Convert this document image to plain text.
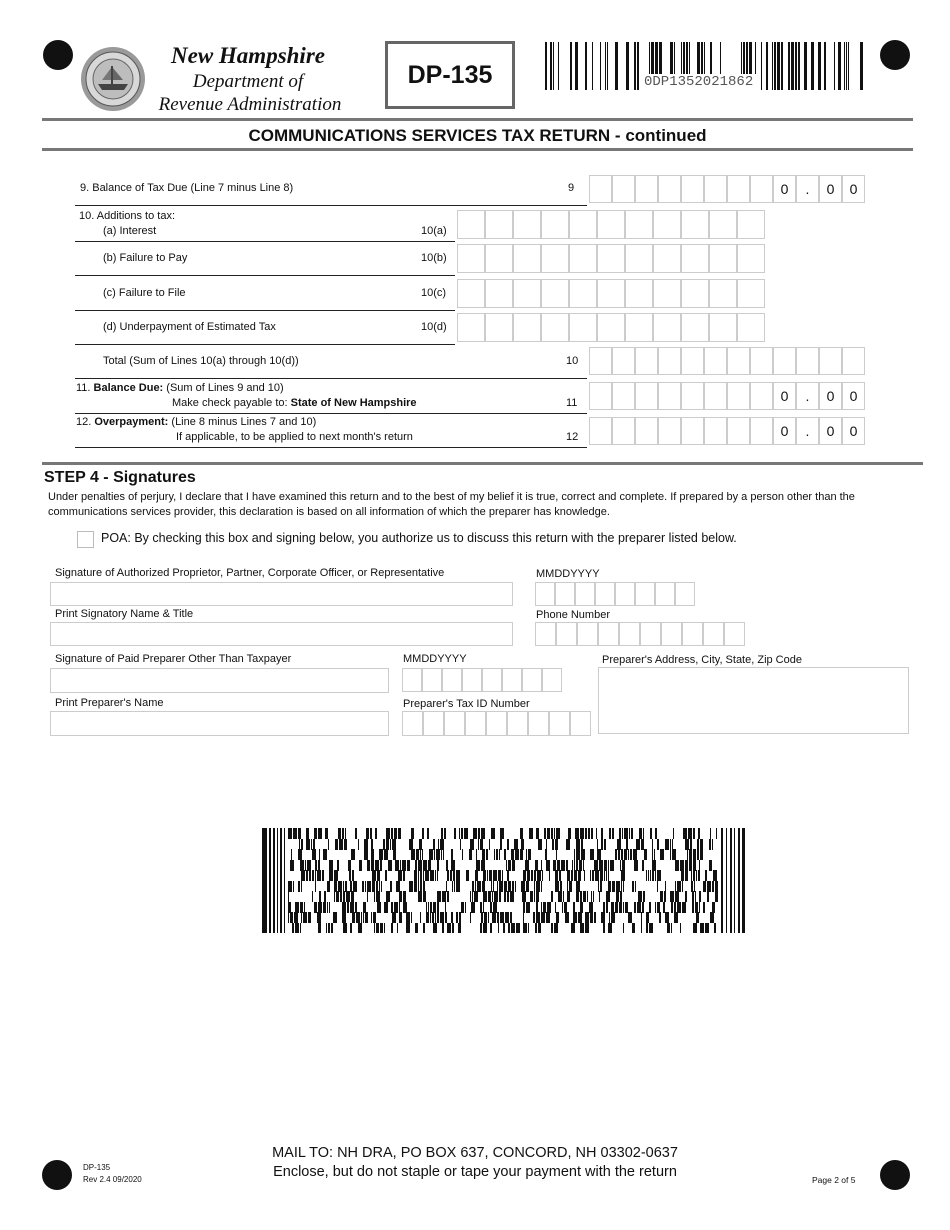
New Hampshire
Department of
Revenue Administration
DP-135	0DP1352021862
COMMUNICATIONS SERVICES TAX RETURN - continued
9. Balance of Tax Due (Line 7 minus Line 8)	9	0	.	0	0
10. Additions to tax:
(a) Interest	10(a)
(b) Failure to Pay	10(b)
(c) Failure to File	10(c)
(d) Underpayment of Estimated Tax	10(d)
Total (Sum of Lines 10(a) through 10(d))	10
11. Balance Due: (Sum of Lines 9 and 10)
Make check payable to: State of New Hampshire	11	0	.	0	0
12. Overpayment: (Line 8 minus Lines 7 and 10)
If applicable, to be applied to next month's return	12	0	.	0	0
STEP 4 - Signatures
Under penalties of perjury, I declare that I have examined this return and to the best of my belief it is true, correct and complete. If prepared by a person other than the communications services provider, this declaration is based on all information of which the preparer has knowledge.
POA: By checking this box and signing below, you authorize us to discuss this return with the preparer listed below.
Signature of Authorized Proprietor, Partner, Corporate Officer, or Representative	MMDDYYYY
Print Signatory Name & Title	Phone Number
Signature of Paid Preparer Other Than Taxpayer	MMDDYYYY	Preparer's Address, City, State, Zip Code
Print Preparer's Name	Preparer's Tax ID Number
MAIL TO: NH DRA, PO BOX 637, CONCORD, NH 03302-0637
Enclose, but do not staple or tape your payment with the return
DP-135
Rev 2.4 09/2020	Page 2 of 5
